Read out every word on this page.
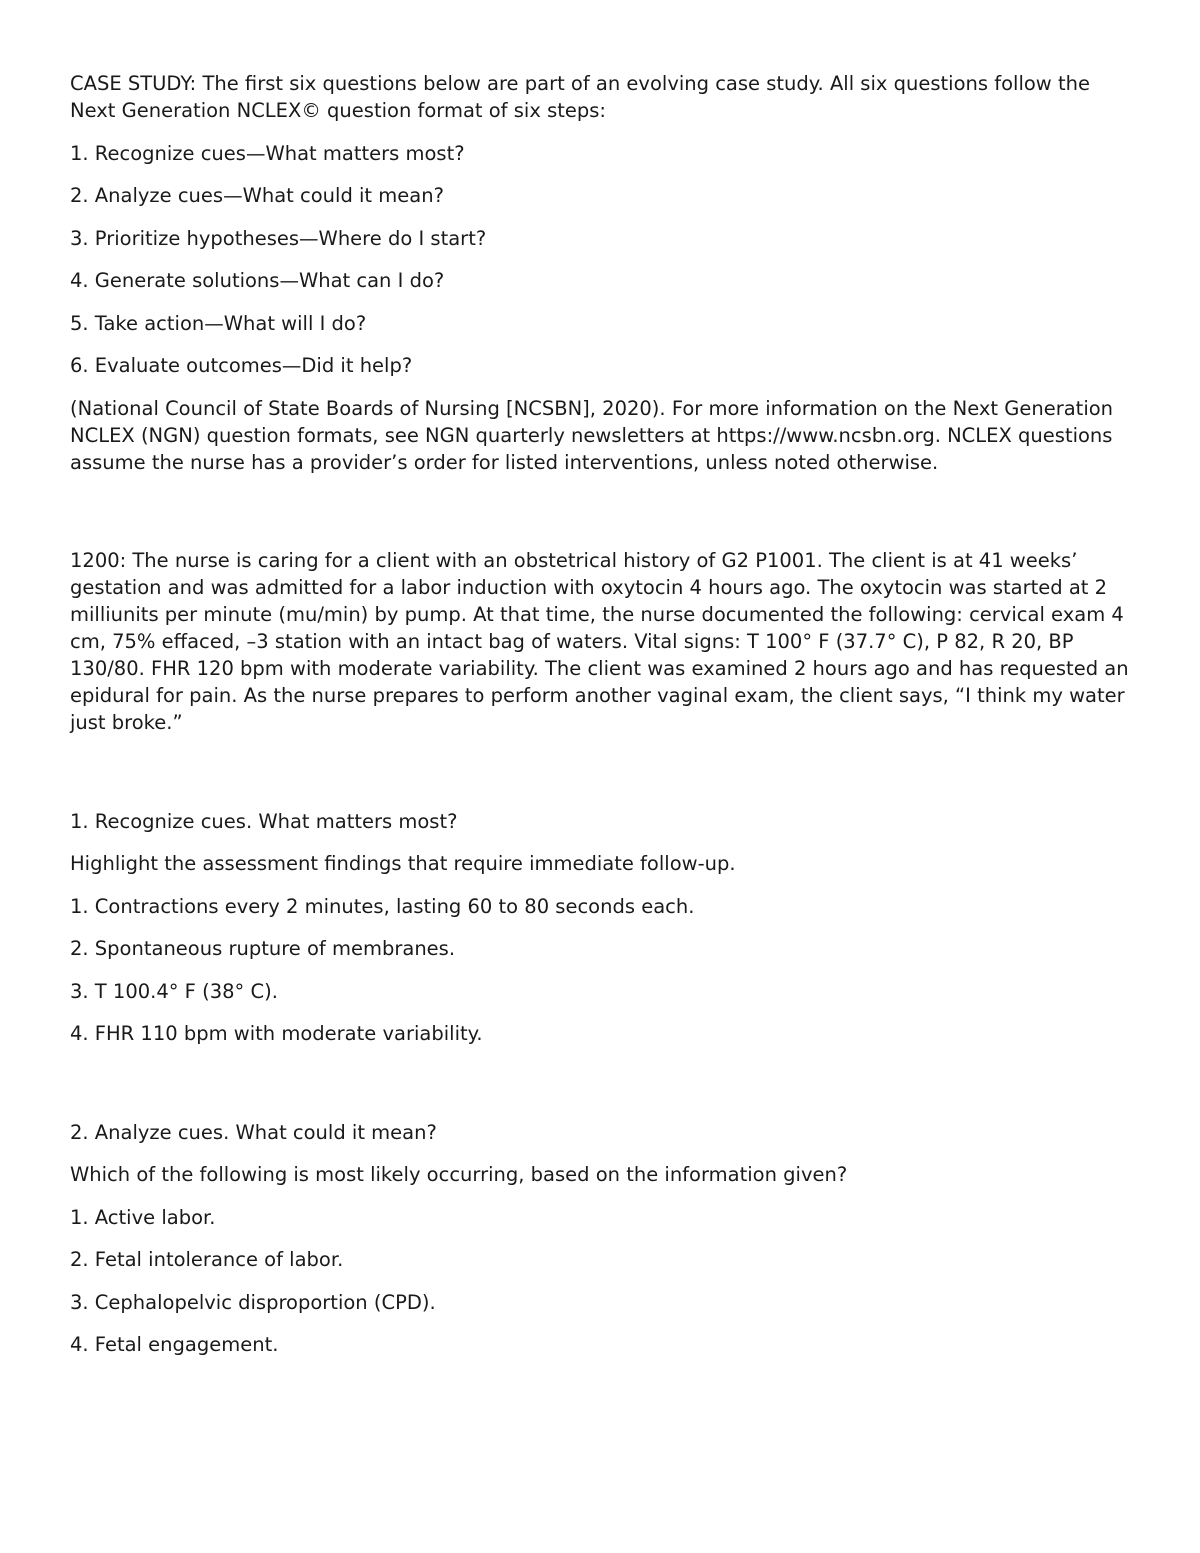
CASE STUDY: The first six questions below are part of an evolving case study. All six questions follow the Next Generation NCLEX© question format of six steps:

1. Recognize cues—What matters most?

2. Analyze cues—What could it mean?

3. Prioritize hypotheses—Where do I start?

4. Generate solutions—What can I do?

5. Take action—What will I do?

6. Evaluate outcomes—Did it help?

(National Council of State Boards of Nursing [NCSBN], 2020). For more information on the Next Generation NCLEX (NGN) question formats, see NGN quarterly newsletters at https://www.ncsbn.org. NCLEX questions assume the nurse has a provider’s order for listed interventions, unless noted otherwise.

1200: The nurse is caring for a client with an obstetrical history of G2 P1001. The client is at 41 weeks’ gestation and was admitted for a labor induction with oxytocin 4 hours ago. The oxytocin was started at 2 milliunits per minute (mu/min) by pump. At that time, the nurse documented the following: cervical exam 4 cm, 75% effaced, –3 station with an intact bag of waters. Vital signs: T 100° F (37.7° C), P 82, R 20, BP 130/80. FHR 120 bpm with moderate variability. The client was examined 2 hours ago and has requested an epidural for pain. As the nurse prepares to perform another vaginal exam, the client says, “I think my water just broke.”

1. Recognize cues. What matters most?

Highlight the assessment findings that require immediate follow-up.

1. Contractions every 2 minutes, lasting 60 to 80 seconds each.

2. Spontaneous rupture of membranes.

3. T 100.4° F (38° C).

4. FHR 110 bpm with moderate variability.

2. Analyze cues. What could it mean?

Which of the following is most likely occurring, based on the information given?

1. Active labor.

2. Fetal intolerance of labor.

3. Cephalopelvic disproportion (CPD).

4. Fetal engagement.
